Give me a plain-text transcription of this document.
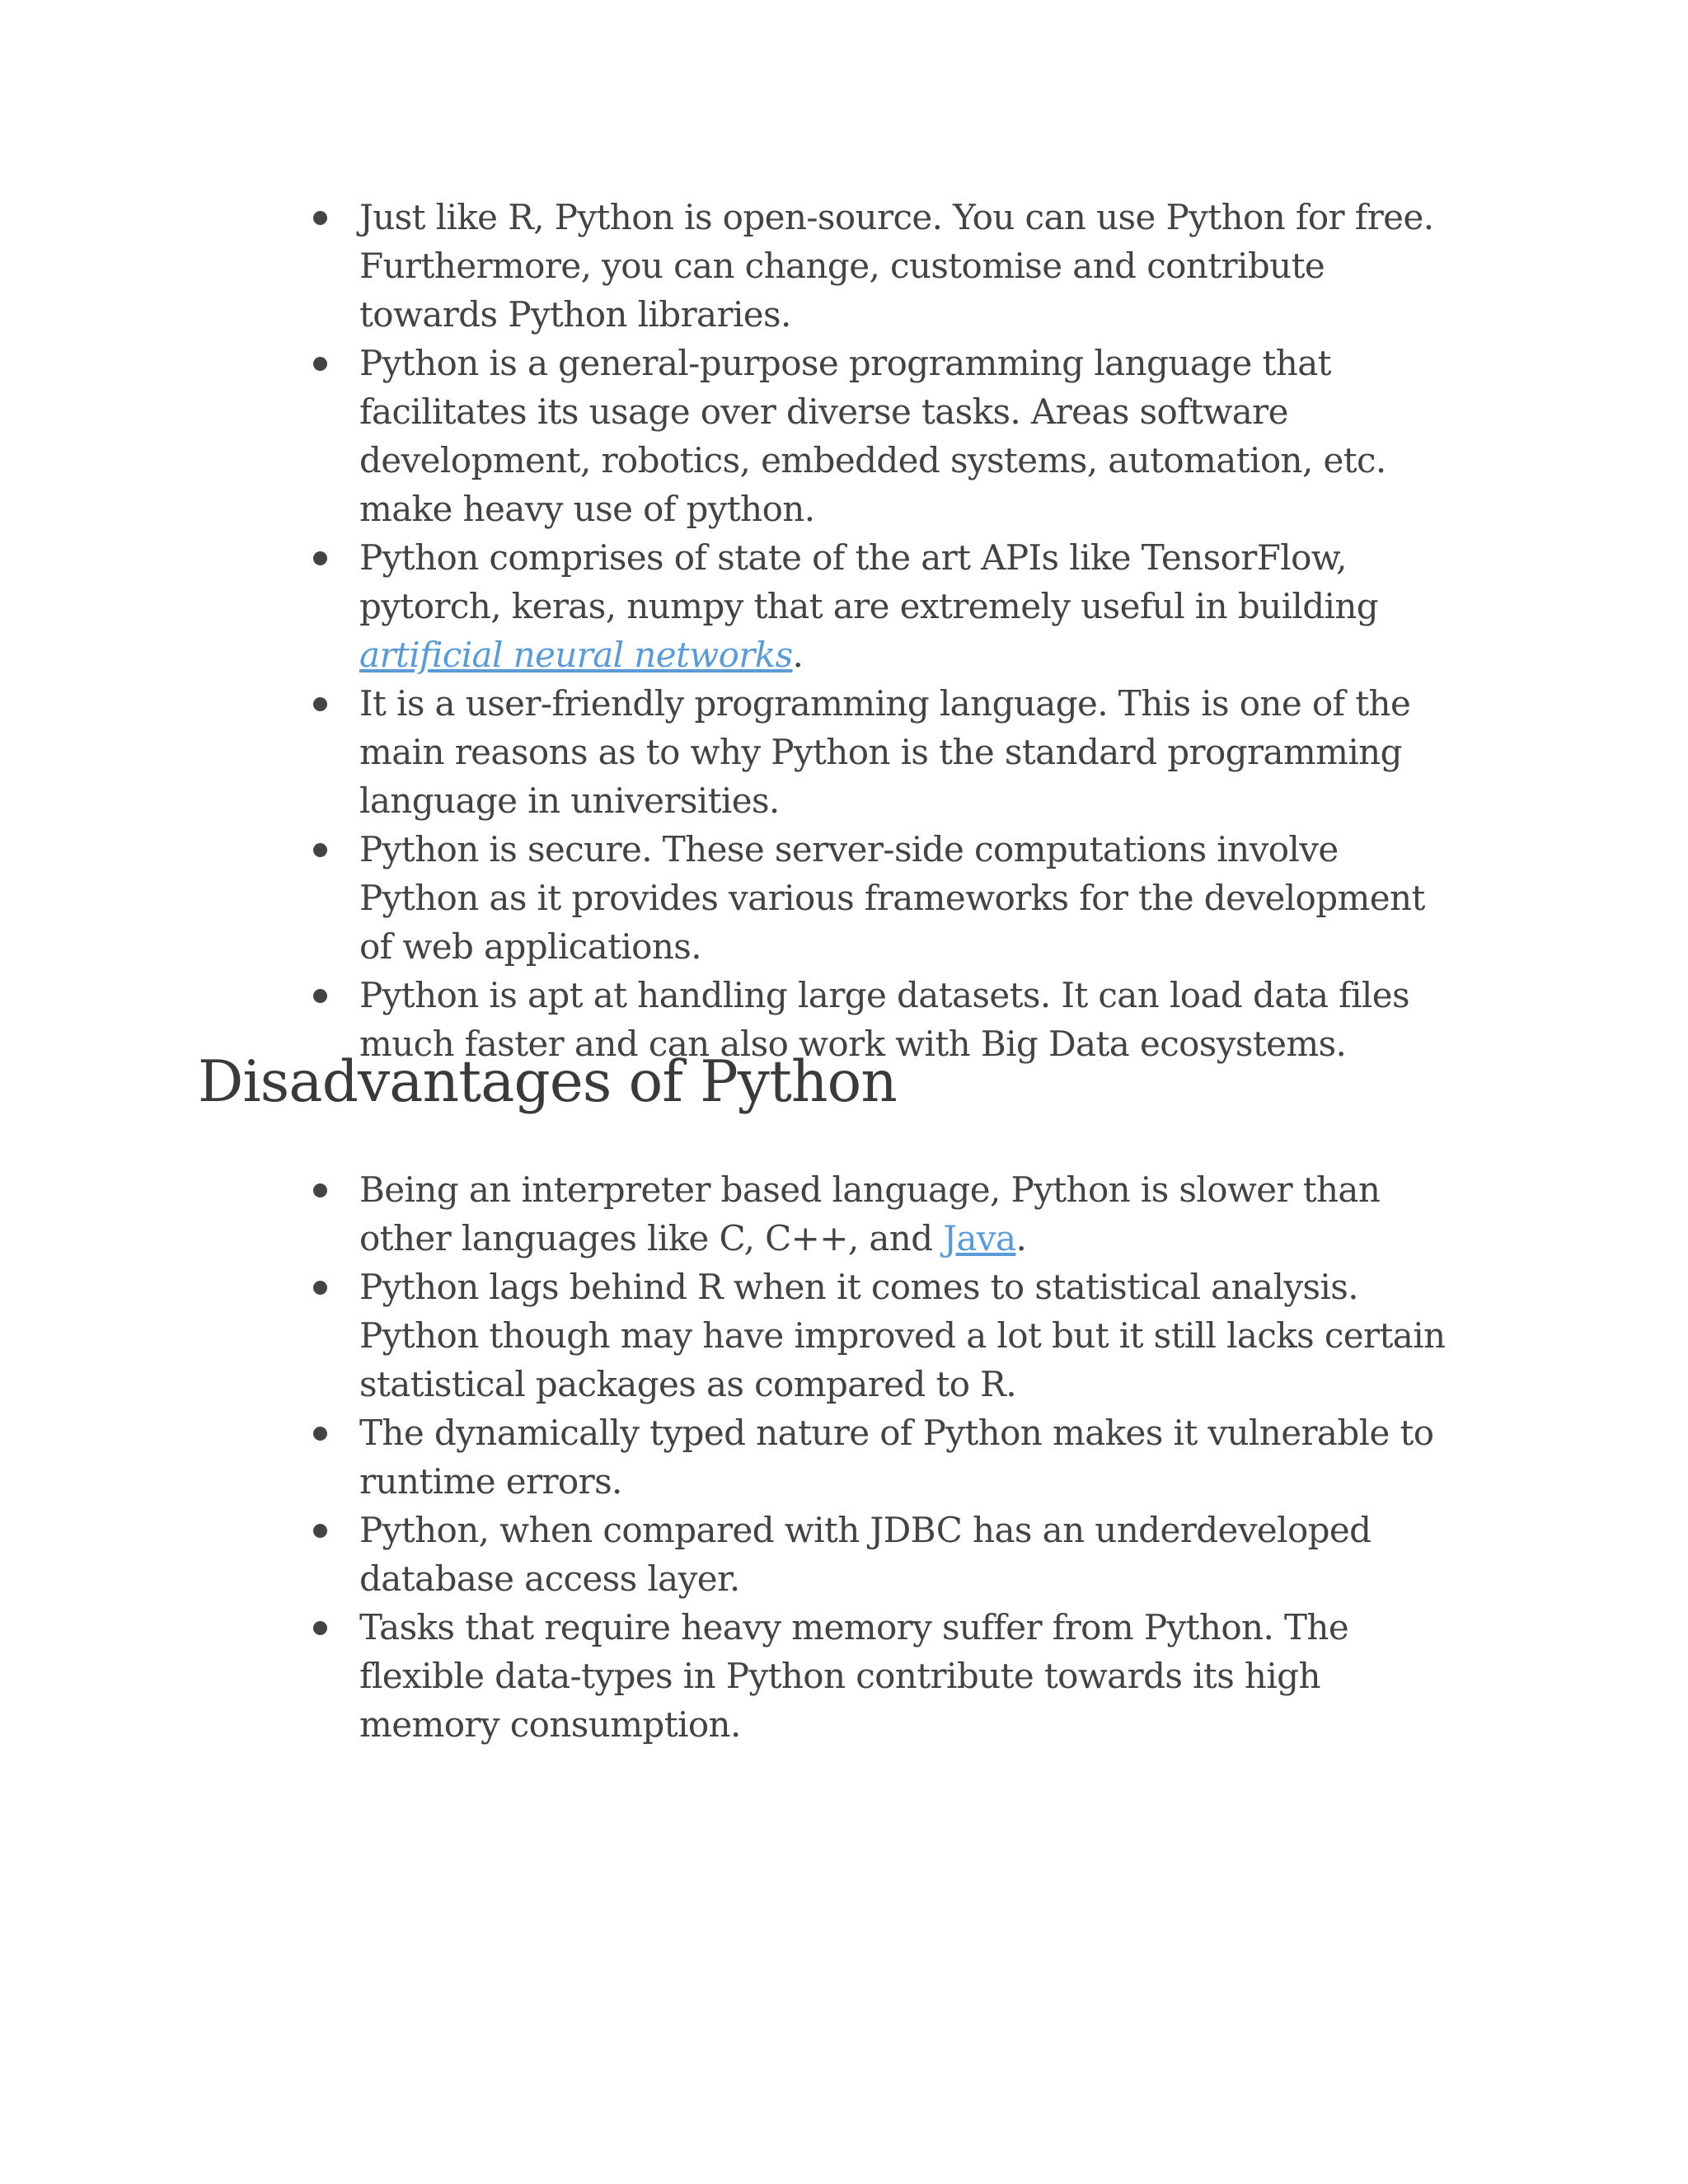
Just like R, Python is open-source. You can use Python for free. Furthermore, you can change, customise and contribute towards Python libraries.
Python is a general-purpose programming language that facilitates its usage over diverse tasks. Areas software development, robotics, embedded systems, automation, etc. make heavy use of python.
Python comprises of state of the art APIs like TensorFlow, pytorch, keras, numpy that are extremely useful in building artificial neural networks.
It is a user-friendly programming language. This is one of the main reasons as to why Python is the standard programming language in universities.
Python is secure. These server-side computations involve Python as it provides various frameworks for the development of web applications.
Python is apt at handling large datasets. It can load data files much faster and can also work with Big Data ecosystems.
Disadvantages of Python
Being an interpreter based language, Python is slower than other languages like C, C++, and Java.
Python lags behind R when it comes to statistical analysis. Python though may have improved a lot but it still lacks certain statistical packages as compared to R.
The dynamically typed nature of Python makes it vulnerable to runtime errors.
Python, when compared with JDBC has an underdeveloped database access layer.
Tasks that require heavy memory suffer from Python. The flexible data-types in Python contribute towards its high memory consumption.
